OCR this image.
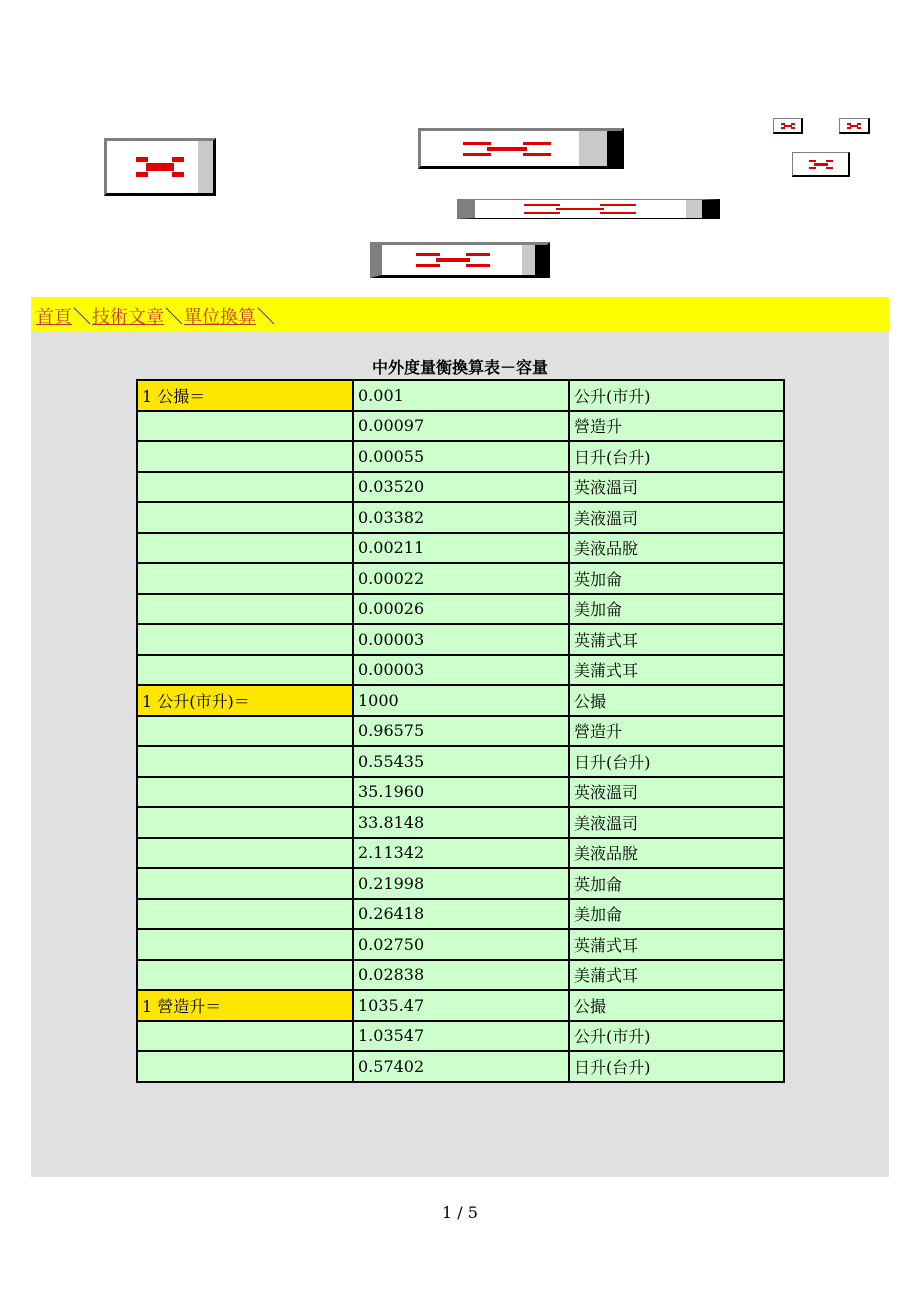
首頁＼技術文章＼單位換算＼
中外度量衡換算表－容量
1 公撮＝	0.001	公升(市升)
	0.00097	營造升
	0.00055	日升(台升)
	0.03520	英液溫司
	0.03382	美液溫司
	0.00211	美液品脫
	0.00022	英加侖
	0.00026	美加侖
	0.00003	英蒲式耳
	0.00003	美蒲式耳
1 公升(市升)＝	1000	公撮
	0.96575	營造升
	0.55435	日升(台升)
	35.1960	英液溫司
	33.8148	美液溫司
	2.11342	美液品脫
	0.21998	英加侖
	0.26418	美加侖
	0.02750	英蒲式耳
	0.02838	美蒲式耳
1 營造升＝	1035.47	公撮
	1.03547	公升(市升)
	0.57402	日升(台升)
1 / 5
